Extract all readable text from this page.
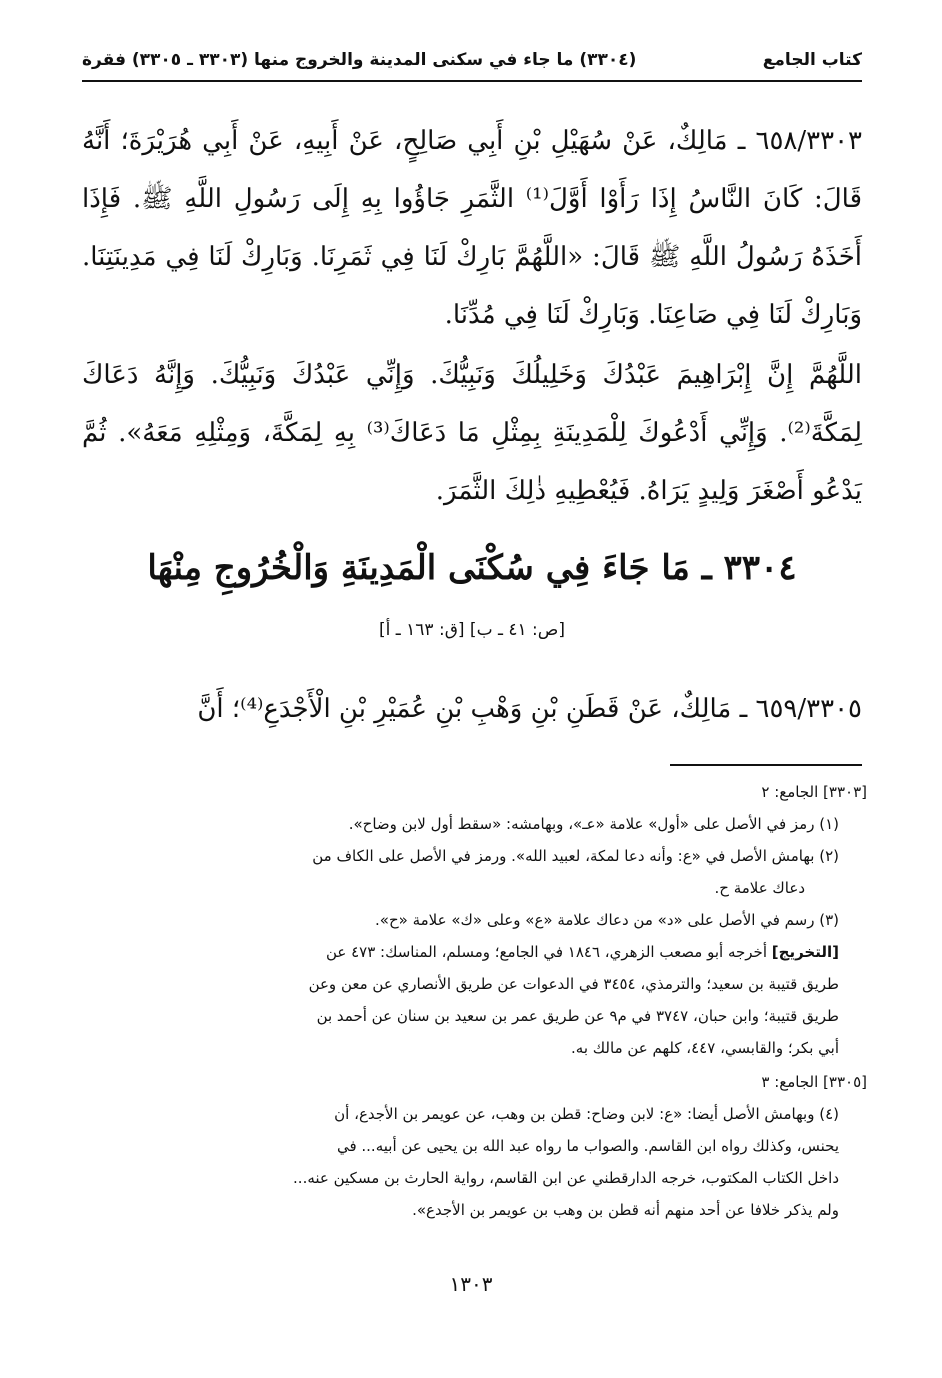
كتاب الجامع
(٣٣٠٤) ما جاء في سكنى المدينة والخروج منها (٣٣٠٣ ـ ٣٣٠٥) فقرة
٦٥٨/٣٣٠٣ ـ مَالِكٌ، عَنْ سُهَيْلِ بْنِ أَبِي صَالِحٍ، عَنْ أَبِيهِ، عَنْ أَبِي هُرَيْرَةَ؛ أَنَّهُ قَالَ: كَانَ النَّاسُ إِذَا رَأَوْا أَوَّلَ⁽¹⁾ الثَّمَرِ جَاؤُوا بِهِ إِلَى رَسُولِ اللَّهِ ﷺ. فَإِذَا أَخَذَهُ رَسُولُ اللَّهِ ﷺ قَالَ: «اللَّهُمَّ بَارِكْ لَنَا فِي ثَمَرِنَا. وَبَارِكْ لَنَا فِي مَدِينَتِنَا. وَبَارِكْ لَنَا فِي صَاعِنَا. وَبَارِكْ لَنَا فِي مُدِّنَا.
اللَّهُمَّ إِنَّ إِبْرَاهِيمَ عَبْدُكَ وَخَلِيلُكَ وَنَبِيُّكَ. وَإِنِّي عَبْدُكَ وَنَبِيُّكَ. وَإِنَّهُ دَعَاكَ لِمَكَّةَ⁽²⁾. وَإِنِّي أَدْعُوكَ لِلْمَدِينَةِ بِمِثْلِ مَا دَعَاكَ⁽³⁾ بِهِ لِمَكَّةَ، وَمِثْلِهِ مَعَهُ». ثُمَّ يَدْعُو أَصْغَرَ وَلِيدٍ يَرَاهُ. فَيُعْطِيهِ ذٰلِكَ الثَّمَرَ.
٣٣٠٤ ـ مَا جَاءَ فِي سُكْنَى الْمَدِينَةِ وَالْخُرُوجِ مِنْهَا
[ص: ٤١ ـ ب] [ق: ١٦٣ ـ أ]
٦٥٩/٣٣٠٥ ـ مَالِكٌ، عَنْ قَطَنِ بْنِ وَهْبِ بْنِ عُمَيْرِ بْنِ الْأَجْدَعِ⁽⁴⁾؛ أَنَّ
[٣٣٠٣] الجامع: ٢
(١) رمز في الأصل على «أول» علامة «عـ»، وبهامشه: «سقط أول لابن وضاح».
(٢) بهامش الأصل في «ع: وأنه دعا لمكة، لعبيد الله». ورمز في الأصل على الكاف من
دعاك علامة ح.
(٣) رسم في الأصل على «د» من دعاك علامة «ع» وعلى «ك» علامة «ح».
[التخريج] أخرجه أبو مصعب الزهري، ١٨٤٦ في الجامع؛ ومسلم، المناسك: ٤٧٣ عن
طريق قتيبة بن سعيد؛ والترمذي، ٣٤٥٤ في الدعوات عن طريق الأنصاري عن معن وعن
طريق قتيبة؛ وابن حبان، ٣٧٤٧ في م٩ عن طريق عمر بن سعيد بن سنان عن أحمد بن
أبي بكر؛ والقابسي، ٤٤٧، كلهم عن مالك به.
[٣٣٠٥] الجامع: ٣
(٤) وبهامش الأصل أيضا: «ع: لابن وضاح: قطن بن وهب، عن عويمر بن الأجدع، أن
يحنس، وكذلك رواه ابن القاسم. والصواب ما رواه عبد الله بن يحيى عن أبيه... في
داخل الكتاب المكتوب، خرجه الدارقطني عن ابن القاسم، رواية الحارث بن مسكين عنه...
ولم يذكر خلافا عن أحد منهم أنه قطن بن وهب بن عويمر بن الأجدع».
١٣٠٣
